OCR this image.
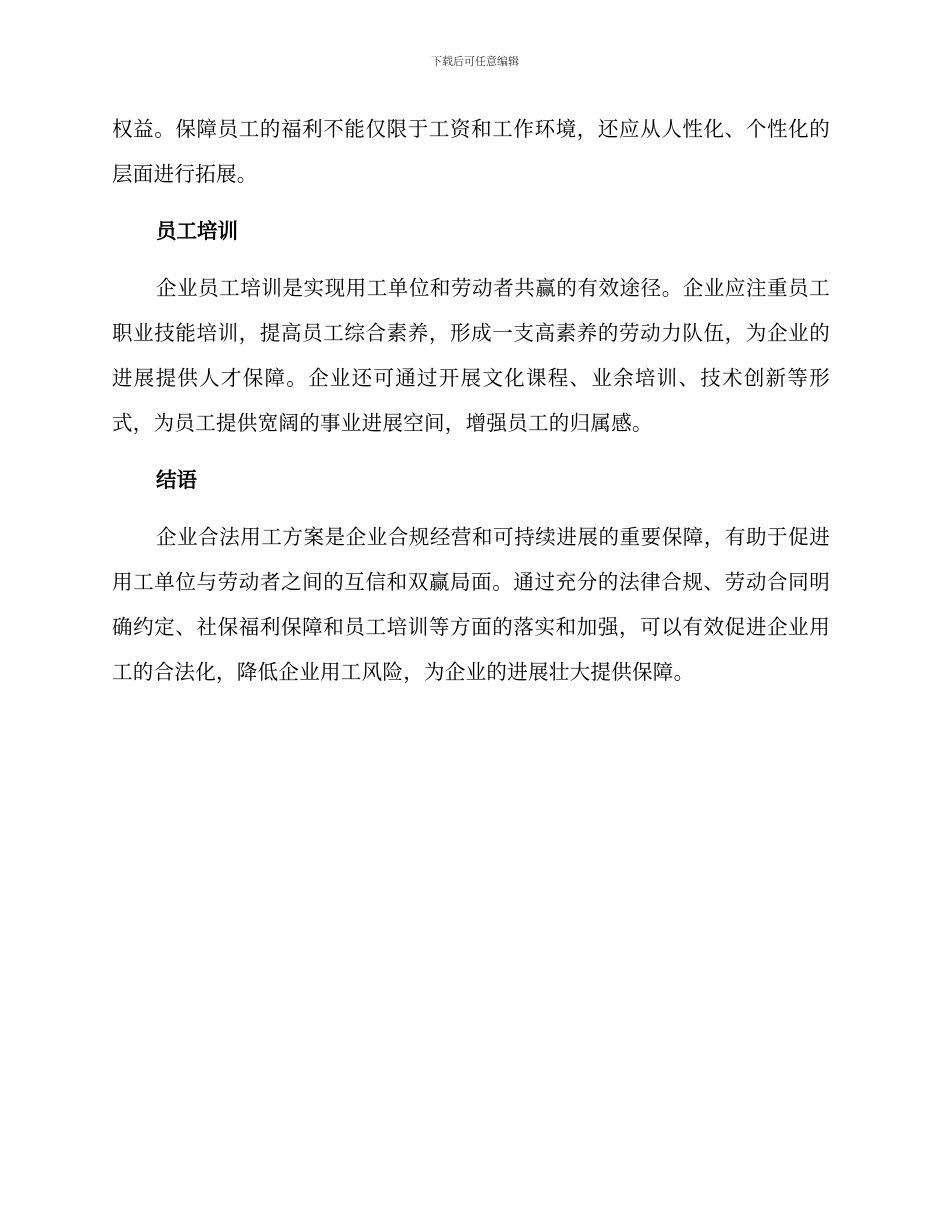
下载后可任意编辑

权益。保障员工的福利不能仅限于工资和工作环境，还应从人性化、个性化的层面进行拓展。

员工培训

企业员工培训是实现用工单位和劳动者共赢的有效途径。企业应注重员工职业技能培训，提高员工综合素养，形成一支高素养的劳动力队伍，为企业的进展提供人才保障。企业还可通过开展文化课程、业余培训、技术创新等形式，为员工提供宽阔的事业进展空间，增强员工的归属感。

结语

企业合法用工方案是企业合规经营和可持续进展的重要保障，有助于促进用工单位与劳动者之间的互信和双赢局面。通过充分的法律合规、劳动合同明确约定、社保福利保障和员工培训等方面的落实和加强，可以有效促进企业用工的合法化，降低企业用工风险，为企业的进展壮大提供保障。
